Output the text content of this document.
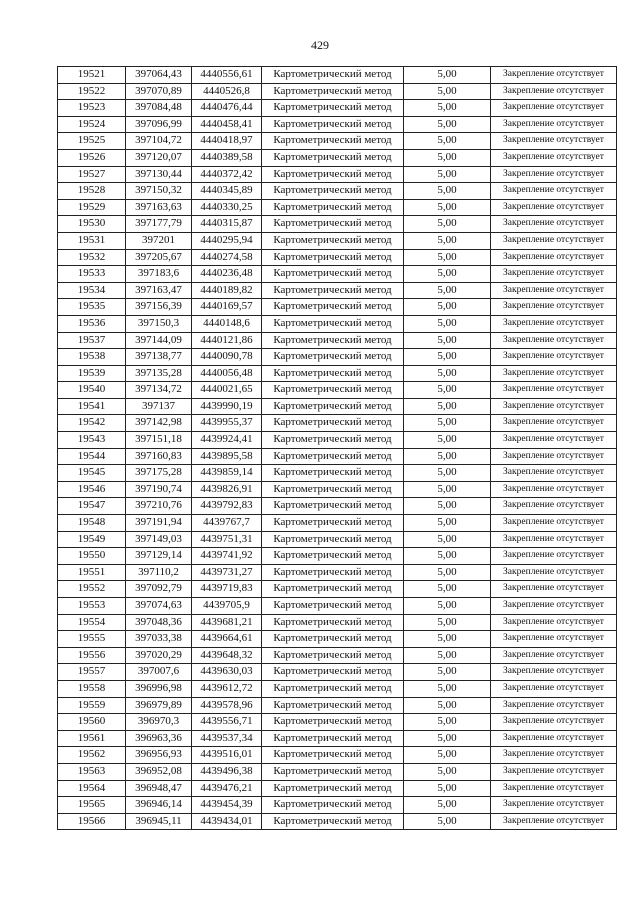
429
19521	397064,43	4440556,61	Картометрический метод	5,00	Закрепление отсутствует
19522	397070,89	4440526,8	Картометрический метод	5,00	Закрепление отсутствует
19523	397084,48	4440476,44	Картометрический метод	5,00	Закрепление отсутствует
19524	397096,99	4440458,41	Картометрический метод	5,00	Закрепление отсутствует
19525	397104,72	4440418,97	Картометрический метод	5,00	Закрепление отсутствует
19526	397120,07	4440389,58	Картометрический метод	5,00	Закрепление отсутствует
19527	397130,44	4440372,42	Картометрический метод	5,00	Закрепление отсутствует
19528	397150,32	4440345,89	Картометрический метод	5,00	Закрепление отсутствует
19529	397163,63	4440330,25	Картометрический метод	5,00	Закрепление отсутствует
19530	397177,79	4440315,87	Картометрический метод	5,00	Закрепление отсутствует
19531	397201	4440295,94	Картометрический метод	5,00	Закрепление отсутствует
19532	397205,67	4440274,58	Картометрический метод	5,00	Закрепление отсутствует
19533	397183,6	4440236,48	Картометрический метод	5,00	Закрепление отсутствует
19534	397163,47	4440189,82	Картометрический метод	5,00	Закрепление отсутствует
19535	397156,39	4440169,57	Картометрический метод	5,00	Закрепление отсутствует
19536	397150,3	4440148,6	Картометрический метод	5,00	Закрепление отсутствует
19537	397144,09	4440121,86	Картометрический метод	5,00	Закрепление отсутствует
19538	397138,77	4440090,78	Картометрический метод	5,00	Закрепление отсутствует
19539	397135,28	4440056,48	Картометрический метод	5,00	Закрепление отсутствует
19540	397134,72	4440021,65	Картометрический метод	5,00	Закрепление отсутствует
19541	397137	4439990,19	Картометрический метод	5,00	Закрепление отсутствует
19542	397142,98	4439955,37	Картометрический метод	5,00	Закрепление отсутствует
19543	397151,18	4439924,41	Картометрический метод	5,00	Закрепление отсутствует
19544	397160,83	4439895,58	Картометрический метод	5,00	Закрепление отсутствует
19545	397175,28	4439859,14	Картометрический метод	5,00	Закрепление отсутствует
19546	397190,74	4439826,91	Картометрический метод	5,00	Закрепление отсутствует
19547	397210,76	4439792,83	Картометрический метод	5,00	Закрепление отсутствует
19548	397191,94	4439767,7	Картометрический метод	5,00	Закрепление отсутствует
19549	397149,03	4439751,31	Картометрический метод	5,00	Закрепление отсутствует
19550	397129,14	4439741,92	Картометрический метод	5,00	Закрепление отсутствует
19551	397110,2	4439731,27	Картометрический метод	5,00	Закрепление отсутствует
19552	397092,79	4439719,83	Картометрический метод	5,00	Закрепление отсутствует
19553	397074,63	4439705,9	Картометрический метод	5,00	Закрепление отсутствует
19554	397048,36	4439681,21	Картометрический метод	5,00	Закрепление отсутствует
19555	397033,38	4439664,61	Картометрический метод	5,00	Закрепление отсутствует
19556	397020,29	4439648,32	Картометрический метод	5,00	Закрепление отсутствует
19557	397007,6	4439630,03	Картометрический метод	5,00	Закрепление отсутствует
19558	396996,98	4439612,72	Картометрический метод	5,00	Закрепление отсутствует
19559	396979,89	4439578,96	Картометрический метод	5,00	Закрепление отсутствует
19560	396970,3	4439556,71	Картометрический метод	5,00	Закрепление отсутствует
19561	396963,36	4439537,34	Картометрический метод	5,00	Закрепление отсутствует
19562	396956,93	4439516,01	Картометрический метод	5,00	Закрепление отсутствует
19563	396952,08	4439496,38	Картометрический метод	5,00	Закрепление отсутствует
19564	396948,47	4439476,21	Картометрический метод	5,00	Закрепление отсутствует
19565	396946,14	4439454,39	Картометрический метод	5,00	Закрепление отсутствует
19566	396945,11	4439434,01	Картометрический метод	5,00	Закрепление отсутствует
